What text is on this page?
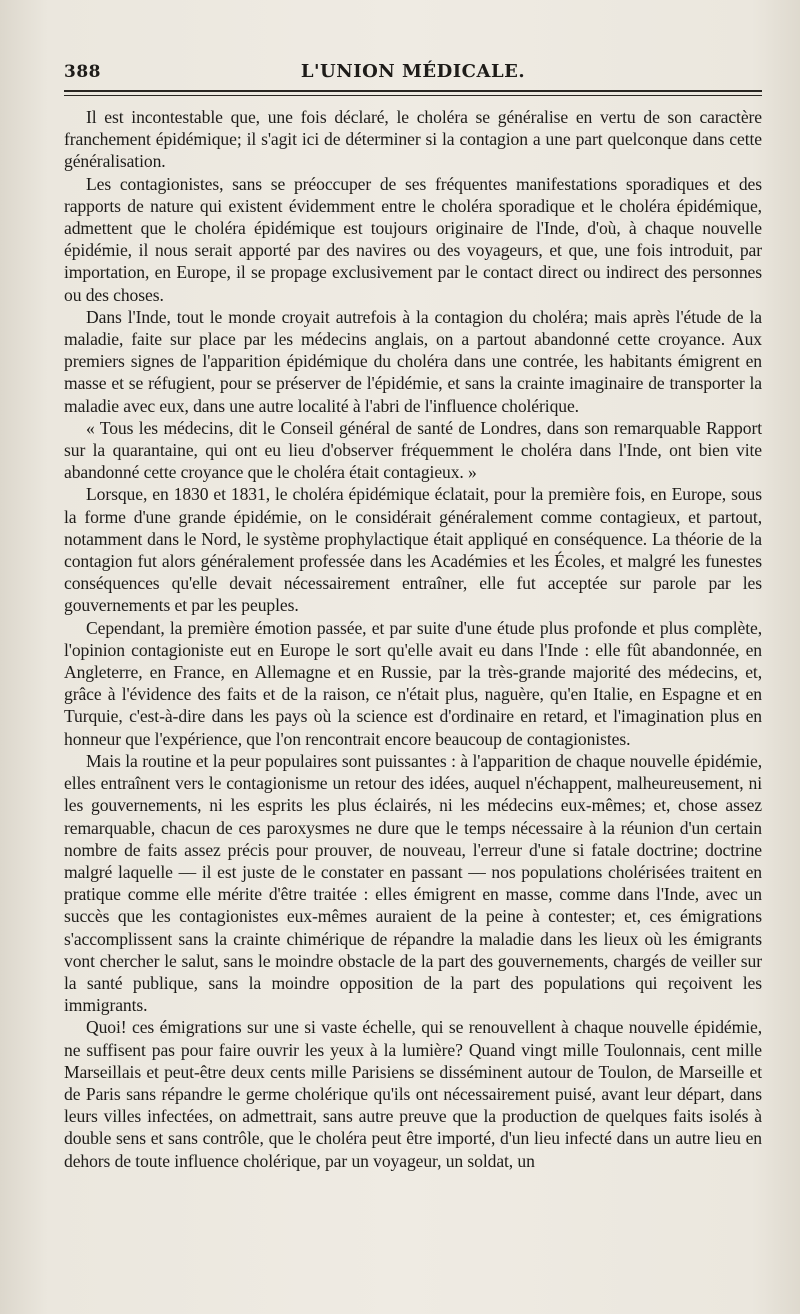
388	L'UNION MÉDICALE.

Il est incontestable que, une fois déclaré, le choléra se généralise en vertu de son caractère franchement épidémique; il s'agit ici de déterminer si la contagion a une part quelconque dans cette généralisation.

Les contagionistes, sans se préoccuper de ses fréquentes manifestations sporadiques et des rapports de nature qui existent évidemment entre le choléra sporadique et le choléra épidémique, admettent que le choléra épidémique est toujours originaire de l'Inde, d'où, à chaque nouvelle épidémie, il nous serait apporté par des navires ou des voyageurs, et que, une fois introduit, par importation, en Europe, il se propage exclusivement par le contact direct ou indirect des personnes ou des choses.

Dans l'Inde, tout le monde croyait autrefois à la contagion du choléra; mais après l'étude de la maladie, faite sur place par les médecins anglais, on a partout abandonné cette croyance. Aux premiers signes de l'apparition épidémique du choléra dans une contrée, les habitants émigrent en masse et se réfugient, pour se préserver de l'épidémie, et sans la crainte imaginaire de transporter la maladie avec eux, dans une autre localité à l'abri de l'influence cholérique.

« Tous les médecins, dit le Conseil général de santé de Londres, dans son remarquable Rapport sur la quarantaine, qui ont eu lieu d'observer fréquemment le choléra dans l'Inde, ont bien vite abandonné cette croyance que le choléra était contagieux. »

Lorsque, en 1830 et 1831, le choléra épidémique éclatait, pour la première fois, en Europe, sous la forme d'une grande épidémie, on le considérait généralement comme contagieux, et partout, notamment dans le Nord, le système prophylactique était appliqué en conséquence. La théorie de la contagion fut alors généralement professée dans les Académies et les Écoles, et malgré les funestes conséquences qu'elle devait nécessairement entraîner, elle fut acceptée sur parole par les gouvernements et par les peuples.

Cependant, la première émotion passée, et par suite d'une étude plus profonde et plus complète, l'opinion contagioniste eut en Europe le sort qu'elle avait eu dans l'Inde : elle fût abandonnée, en Angleterre, en France, en Allemagne et en Russie, par la très-grande majorité des médecins, et, grâce à l'évidence des faits et de la raison, ce n'était plus, naguère, qu'en Italie, en Espagne et en Turquie, c'est-à-dire dans les pays où la science est d'ordinaire en retard, et l'imagination plus en honneur que l'expérience, que l'on rencontrait encore beaucoup de contagionistes.

Mais la routine et la peur populaires sont puissantes : à l'apparition de chaque nouvelle épidémie, elles entraînent vers le contagionisme un retour des idées, auquel n'échappent, malheureusement, ni les gouvernements, ni les esprits les plus éclairés, ni les médecins eux-mêmes; et, chose assez remarquable, chacun de ces paroxysmes ne dure que le temps nécessaire à la réunion d'un certain nombre de faits assez précis pour prouver, de nouveau, l'erreur d'une si fatale doctrine; doctrine malgré laquelle — il est juste de le constater en passant — nos populations cholérisées traitent en pratique comme elle mérite d'être traitée : elles émigrent en masse, comme dans l'Inde, avec un succès que les contagionistes eux-mêmes auraient de la peine à contester; et, ces émigrations s'accomplissent sans la crainte chimérique de répandre la maladie dans les lieux où les émigrants vont chercher le salut, sans le moindre obstacle de la part des gouvernements, chargés de veiller sur la santé publique, sans la moindre opposition de la part des populations qui reçoivent les immigrants.

Quoi! ces émigrations sur une si vaste échelle, qui se renouvellent à chaque nouvelle épidémie, ne suffisent pas pour faire ouvrir les yeux à la lumière? Quand vingt mille Toulonnais, cent mille Marseillais et peut-être deux cents mille Parisiens se disséminent autour de Toulon, de Marseille et de Paris sans répandre le germe cholérique qu'ils ont nécessairement puisé, avant leur départ, dans leurs villes infectées, on admettrait, sans autre preuve que la production de quelques faits isolés à double sens et sans contrôle, que le choléra peut être importé, d'un lieu infecté dans un autre lieu en dehors de toute influence cholérique, par un voyageur, un soldat, un
